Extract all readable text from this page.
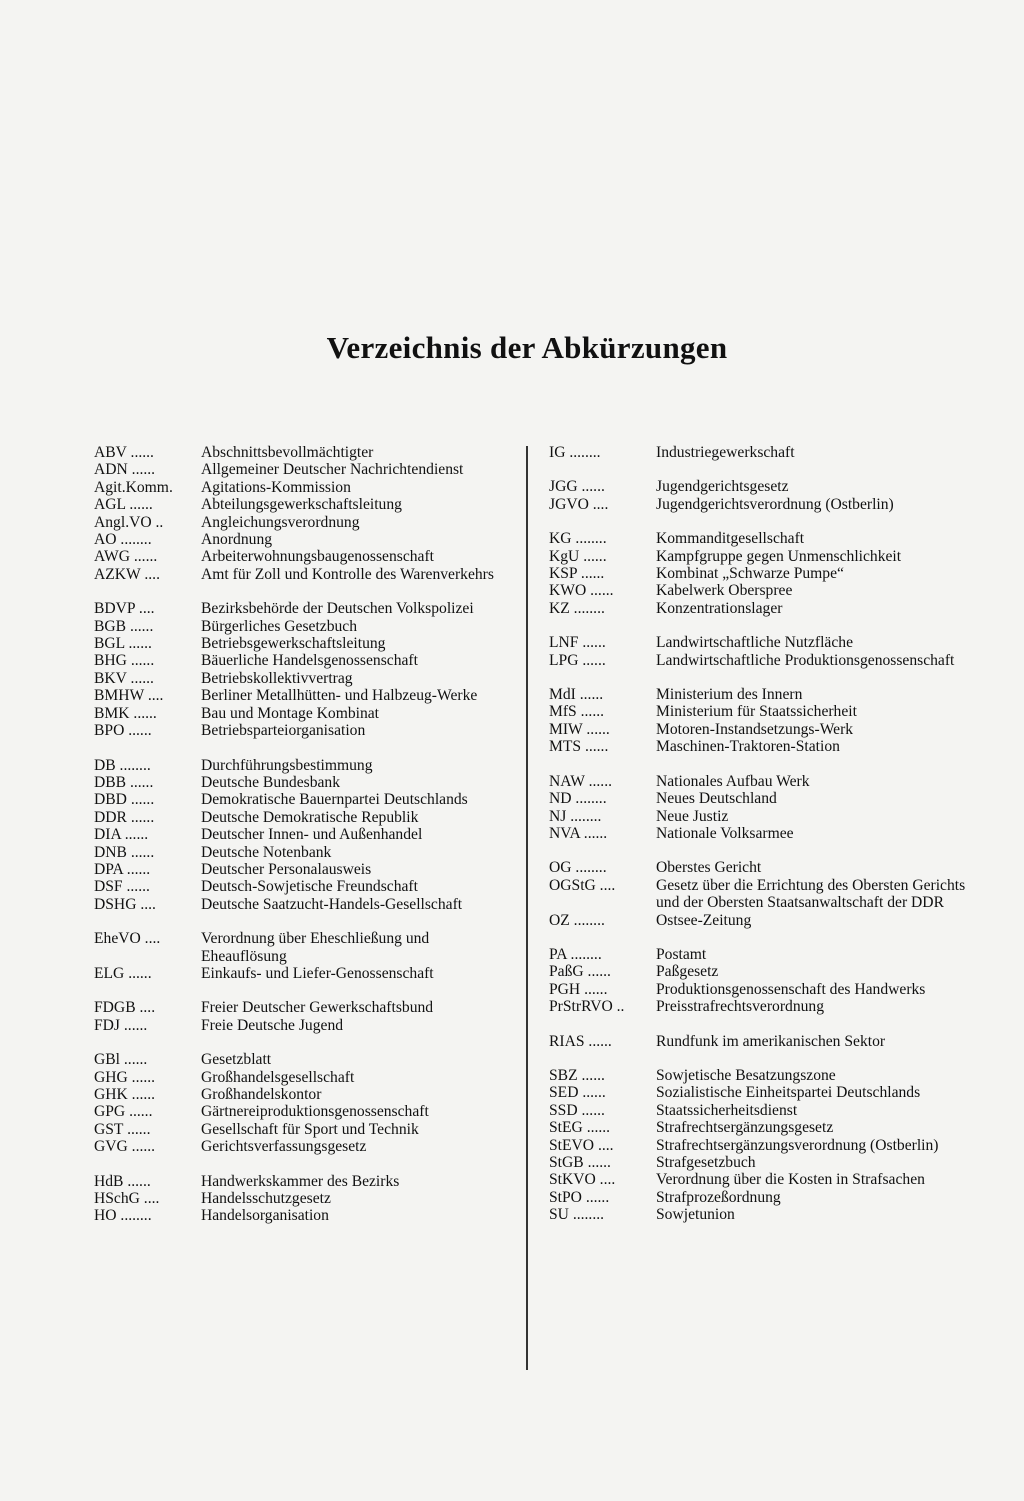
Verzeichnis der Abkürzungen
ABV ......	Abschnittsbevollmächtigter
ADN ......	Allgemeiner Deutscher Nachrichtendienst
Agit.Komm.	Agitations-Kommission
AGL ......	Abteilungsgewerkschaftsleitung
Angl.VO ..	Angleichungsverordnung
AO ........	Anordnung
AWG ......	Arbeiterwohnungsbaugenossenschaft
AZKW ....	Amt für Zoll und Kontrolle des Warenverkehrs
BDVP ....	Bezirksbehörde der Deutschen Volkspolizei
BGB ......	Bürgerliches Gesetzbuch
BGL ......	Betriebsgewerkschaftsleitung
BHG ......	Bäuerliche Handelsgenossenschaft
BKV ......	Betriebskollektivvertrag
BMHW ....	Berliner Metallhütten- und Halbzeug-Werke
BMK ......	Bau und Montage Kombinat
BPO ......	Betriebsparteiorganisation
DB ........	Durchführungsbestimmung
DBB ......	Deutsche Bundesbank
DBD ......	Demokratische Bauernpartei Deutschlands
DDR ......	Deutsche Demokratische Republik
DIA ......	Deutscher Innen- und Außenhandel
DNB ......	Deutsche Notenbank
DPA ......	Deutscher Personalausweis
DSF ......	Deutsch-Sowjetische Freundschaft
DSHG ....	Deutsche Saatzucht-Handels-Gesellschaft
EheVO ....	Verordnung über Eheschließung und Eheauflösung
ELG ......	Einkaufs- und Liefer-Genossenschaft
FDGB ....	Freier Deutscher Gewerkschaftsbund
FDJ ......	Freie Deutsche Jugend
GBl ......	Gesetzblatt
GHG ......	Großhandelsgesellschaft
GHK ......	Großhandelskontor
GPG ......	Gärtnereiproduktionsgenossenschaft
GST ......	Gesellschaft für Sport und Technik
GVG ......	Gerichtsverfassungsgesetz
HdB ......	Handwerkskammer des Bezirks
HSchG ....	Handelsschutzgesetz
HO ........	Handelsorganisation
IG ........	Industriegewerkschaft
JGG ......	Jugendgerichtsgesetz
JGVO ....	Jugendgerichtsverordnung (Ostberlin)
KG ........	Kommanditgesellschaft
KgU ......	Kampfgruppe gegen Unmenschlichkeit
KSP ......	Kombinat „Schwarze Pumpe“
KWO ......	Kabelwerk Oberspree
KZ ........	Konzentrationslager
LNF ......	Landwirtschaftliche Nutzfläche
LPG ......	Landwirtschaftliche Produktionsgenossenschaft
MdI ......	Ministerium des Innern
MfS ......	Ministerium für Staatssicherheit
MIW ......	Motoren-Instandsetzungs-Werk
MTS ......	Maschinen-Traktoren-Station
NAW ......	Nationales Aufbau Werk
ND ........	Neues Deutschland
NJ ........	Neue Justiz
NVA ......	Nationale Volksarmee
OG ........	Oberstes Gericht
OGStG ....	Gesetz über die Errichtung des Obersten Gerichts und der Obersten Staatsanwaltschaft der DDR
OZ ........	Ostsee-Zeitung
PA ........	Postamt
PaßG ......	Paßgesetz
PGH ......	Produktionsgenossenschaft des Handwerks
PrStrRVO ..	Preisstrafrechtsverordnung
RIAS ......	Rundfunk im amerikanischen Sektor
SBZ ......	Sowjetische Besatzungszone
SED ......	Sozialistische Einheitspartei Deutschlands
SSD ......	Staatssicherheitsdienst
StEG ......	Strafrechtsergänzungsgesetz
StEVO ....	Strafrechtsergänzungsverordnung (Ostberlin)
StGB ......	Strafgesetzbuch
StKVO ....	Verordnung über die Kosten in Strafsachen
StPO ......	Strafprozeßordnung
SU ........	Sowjetunion
